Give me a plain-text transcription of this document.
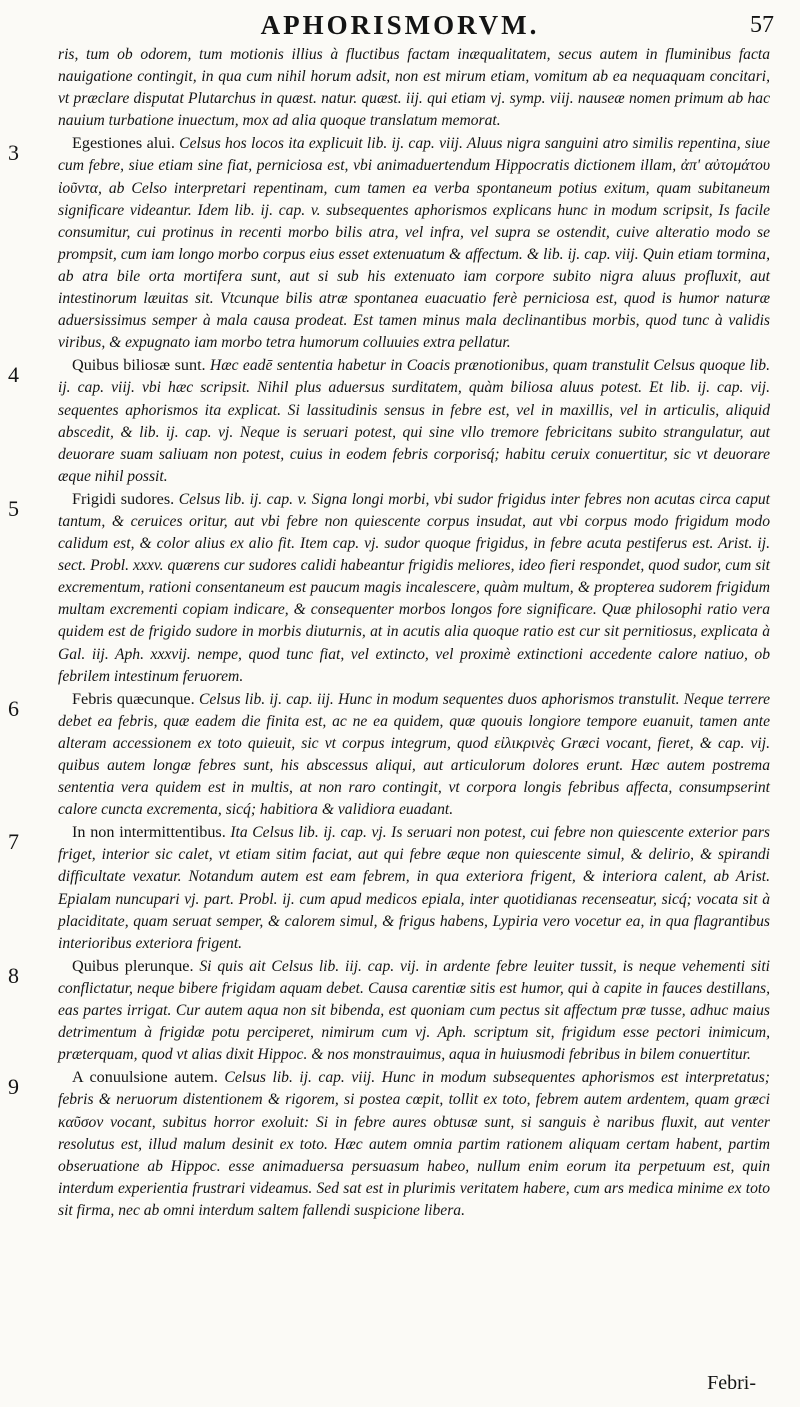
APHORISMORVM.	57

ris, tum ob odorem, tum motionis illius à fluctibus factam inæqualitatem, secus autem in fluminibus facta nauigatione contingit, in qua cum nihil horum adsit, non est mirum etiam, vomitum ab ea nequaquam concitari, vt præclare disputat Plutarchus in quæst. natur. quæst. iij. qui etiam vj. symp. viij. nauseæ nomen primum ab hac nauium turbatione inuectum, mox ad alia quoque translatum memorat.

3	Egestiones alui. Celsus hos locos ita explicuit lib. ij. cap. viij. Aluus nigra sanguini atro similis repentina, siue cum febre, siue etiam sine fiat, perniciosa est, vbi animaduertendum Hippocratis dictionem illam, ἀπ' αὐτομάτου ἰοῦντα, ab Celso interpretari repentinam, cum tamen ea verba spontaneum potius exitum, quam subitaneum significare videantur. Idem lib. ij. cap. v. subsequentes aphorismos explicans hunc in modum scripsit, Is facile consumitur, cui protinus in recenti morbo bilis atra, vel infra, vel supra se ostendit, cuive alteratio modo se prompsit, cum iam longo morbo corpus eius esset extenuatum & affectum. & lib. ij. cap. viij. Quin etiam tormina, ab atra bile orta mortifera sunt, aut si sub his extenuato iam corpore subito nigra aluus profluxit, aut intestinorum læuitas sit. Vtcunque bilis atræ spontanea euacuatio ferè perniciosa est, quod is humor naturæ aduersissimus semper à mala causa prodeat. Est tamen minus mala declinantibus morbis, quod tunc à validis viribus, & expugnato iam morbo tetra humorum colluuies extra pellatur.

4	Quibus biliosæ sunt. Hæc eadē sententia habetur in Coacis prænotionibus, quam transtulit Celsus quoque lib. ij. cap. viij. vbi hæc scripsit. Nihil plus aduersus surditatem, quàm biliosa aluus potest. Et lib. ij. cap. vij. sequentes aphorismos ita explicat. Si lassitudinis sensus in febre est, vel in maxillis, vel in articulis, aliquid abscedit, & lib. ij. cap. vj. Neque is seruari potest, qui sine vllo tremore febricitans subito strangulatur, aut deuorare suam saliuam non potest, cuius in eodem febris corporisq́; habitu ceruix conuertitur, sic vt deuorare æque nihil possit.

5	Frigidi sudores. Celsus lib. ij. cap. v. Signa longi morbi, vbi sudor frigidus inter febres non acutas circa caput tantum, & ceruices oritur, aut vbi febre non quiescente corpus insudat, aut vbi corpus modo frigidum modo calidum est, & color alius ex alio fit. Item cap. vj. sudor quoque frigidus, in febre acuta pestiferus est. Arist. ij. sect. Probl. xxxv. quærens cur sudores calidi habeantur frigidis meliores, ideo fieri respondet, quod sudor, cum sit excrementum, rationi consentaneum est paucum magis incalescere, quàm multum, & propterea sudorem frigidum multam excrementi copiam indicare, & consequenter morbos longos fore significare. Quæ philosophi ratio vera quidem est de frigido sudore in morbis diuturnis, at in acutis alia quoque ratio est cur sit pernitiosus, explicata à Gal. iij. Aph. xxxvij. nempe, quod tunc fiat, vel extincto, vel proximè extinctioni accedente calore natiuo, ob febrilem intestinum feruorem.

6	Febris quæcunque. Celsus lib. ij. cap. iij. Hunc in modum sequentes duos aphorismos transtulit. Neque terrere debet ea febris, quæ eadem die finita est, ac ne ea quidem, quæ quouis longiore tempore euanuit, tamen ante alteram accessionem ex toto quieuit, sic vt corpus integrum, quod εἰλικρινὲς Græci vocant, fieret, & cap. vij. quibus autem longæ febres sunt, his abscessus aliqui, aut articulorum dolores erunt. Hæc autem postrema sententia vera quidem est in multis, at non raro contingit, vt corpora longis febribus affecta, consumpserint calore cuncta excrementa, sicq́; habitiora & validiora euadant.

7	In non intermittentibus. Ita Celsus lib. ij. cap. vj. Is seruari non potest, cui febre non quiescente exterior pars friget, interior sic calet, vt etiam sitim faciat, aut qui febre æque non quiescente simul, & delirio, & spirandi difficultate vexatur. Notandum autem est eam febrem, in qua exteriora frigent, & interiora calent, ab Arist. Epialam nuncupari vj. part. Probl. ij. cum apud medicos epiala, inter quotidianas recenseatur, sicq́; vocata sit à placiditate, quam seruat semper, & calorem simul, & frigus habens, Lypiria vero vocetur ea, in qua flagrantibus interioribus exteriora frigent.

8	Quibus plerunque. Si quis ait Celsus lib. iij. cap. vij. in ardente febre leuiter tussit, is neque vehementi siti conflictatur, neque bibere frigidam aquam debet. Causa carentiæ sitis est humor, qui à capite in fauces destillans, eas partes irrigat. Cur autem aqua non sit bibenda, est quoniam cum pectus sit affectum præ tusse, adhuc maius detrimentum à frigidæ potu perciperet, nimirum cum vj. Aph. scriptum sit, frigidum esse pectori inimicum, præterquam, quod vt alias dixit Hippoc. & nos monstrauimus, aqua in huiusmodi febribus in bilem conuertitur.

9	A conuulsione autem. Celsus lib. ij. cap. viij. Hunc in modum subsequentes aphorismos est interpretatus; febris & neruorum distentionem & rigorem, si postea cœpit, tollit ex toto, febrem autem ardentem, quam græci καῦσον vocant, subitus horror exoluit: Si in febre aures obtusæ sunt, si sanguis è naribus fluxit, aut venter resolutus est, illud malum desinit ex toto. Hæc autem omnia partim rationem aliquam certam habent, partim obseruatione ab Hippoc. esse animaduersa persuasum habeo, nullum enim eorum ita perpetuum est, quin interdum experientia frustrari videamus. Sed sat est in plurimis veritatem habere, cum ars medica minime ex toto sit firma, nec ab omni interdum saltem fallendi suspicione libera.

Febri-
